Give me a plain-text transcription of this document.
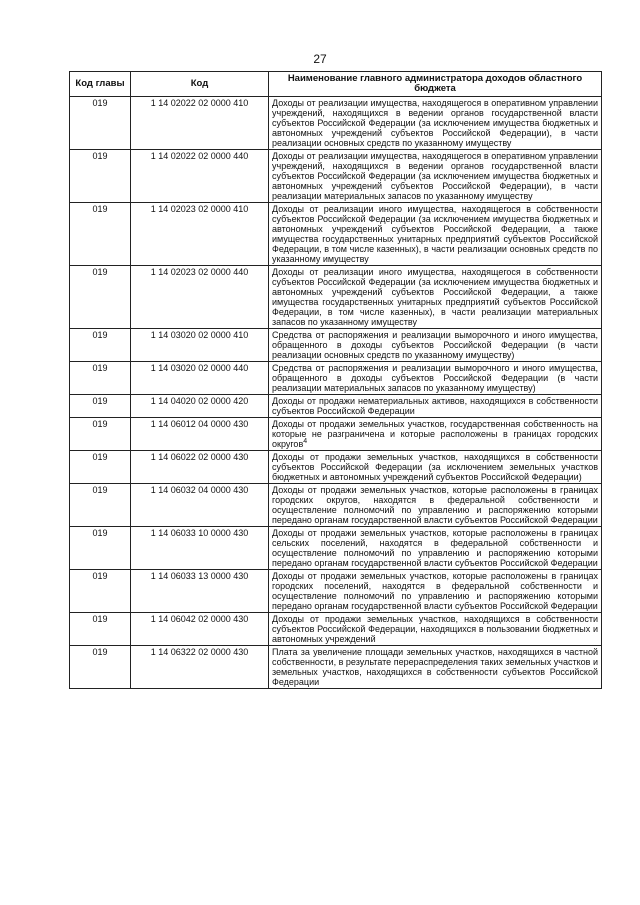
27
Код главы	Код	Наименование главного администратора доходов областного бюджета
019	1 14 02022 02 0000 410	Доходы от реализации имущества, находящегося в оперативном управлении учреждений, находящихся в ведении органов государственной власти субъектов Российской Федерации (за исключением имущества бюджетных и автономных учреждений субъектов Российской Федерации), в части реализации основных средств по указанному имуществу
019	1 14 02022 02 0000 440	Доходы от реализации имущества, находящегося в оперативном управлении учреждений, находящихся в ведении органов государственной власти субъектов Российской Федерации (за исключением имущества бюджетных и автономных учреждений субъектов Российской Федерации), в части реализации материальных запасов по указанному имуществу
019	1 14 02023 02 0000 410	Доходы от реализации иного имущества, находящегося в собственности субъектов Российской Федерации (за исключением имущества бюджетных и автономных учреждений субъектов Российской Федерации, а также имущества государственных унитарных предприятий субъектов Российской Федерации, в том числе казенных), в части реализации основных средств по указанному имуществу
019	1 14 02023 02 0000 440	Доходы от реализации иного имущества, находящегося в собственности субъектов Российской Федерации (за исключением имущества бюджетных и автономных учреждений субъектов Российской Федерации, а также имущества государственных унитарных предприятий субъектов Российской Федерации, в том числе казенных), в части реализации материальных запасов по указанному имуществу
019	1 14 03020 02 0000 410	Средства от распоряжения и реализации выморочного и иного имущества, обращенного в доходы субъектов Российской Федерации (в части реализации основных средств по указанному имуществу)
019	1 14 03020 02 0000 440	Средства от распоряжения и реализации выморочного и иного имущества, обращенного в доходы субъектов Российской Федерации (в части реализации материальных запасов по указанному имуществу)
019	1 14 04020 02 0000 420	Доходы от продажи нематериальных активов, находящихся в собственности субъектов Российской Федерации
019	1 14 06012 04 0000 430	Доходы от продажи земельных участков, государственная собственность на которые не разграничена и которые расположены в границах городских округов$^4$
019	1 14 06022 02 0000 430	Доходы от продажи земельных участков, находящихся в собственности субъектов Российской Федерации (за исключением земельных участков бюджетных и автономных учреждений субъектов Российской Федерации)
019	1 14 06032 04 0000 430	Доходы от продажи земельных участков, которые расположены в границах городских округов, находятся в федеральной собственности и осуществление полномочий по управлению и распоряжению которыми передано органам государственной власти субъектов Российской Федерации
019	1 14 06033 10 0000 430	Доходы от продажи земельных участков, которые расположены в границах сельских поселений, находятся в федеральной собственности и осуществление полномочий по управлению и распоряжению которыми передано органам государственной власти субъектов Российской Федерации
019	1 14 06033 13 0000 430	Доходы от продажи земельных участков, которые расположены в границах городских поселений, находятся в федеральной собственности и осуществление полномочий по управлению и распоряжению которыми передано органам государственной власти субъектов Российской Федерации
019	1 14 06042 02 0000 430	Доходы от продажи земельных участков, находящихся в собственности субъектов Российской Федерации, находящихся в пользовании бюджетных и автономных учреждений
019	1 14 06322 02 0000 430	Плата за увеличение площади земельных участков, находящихся в частной собственности, в результате перераспределения таких земельных участков и земельных участков, находящихся в собственности субъектов Российской Федерации
